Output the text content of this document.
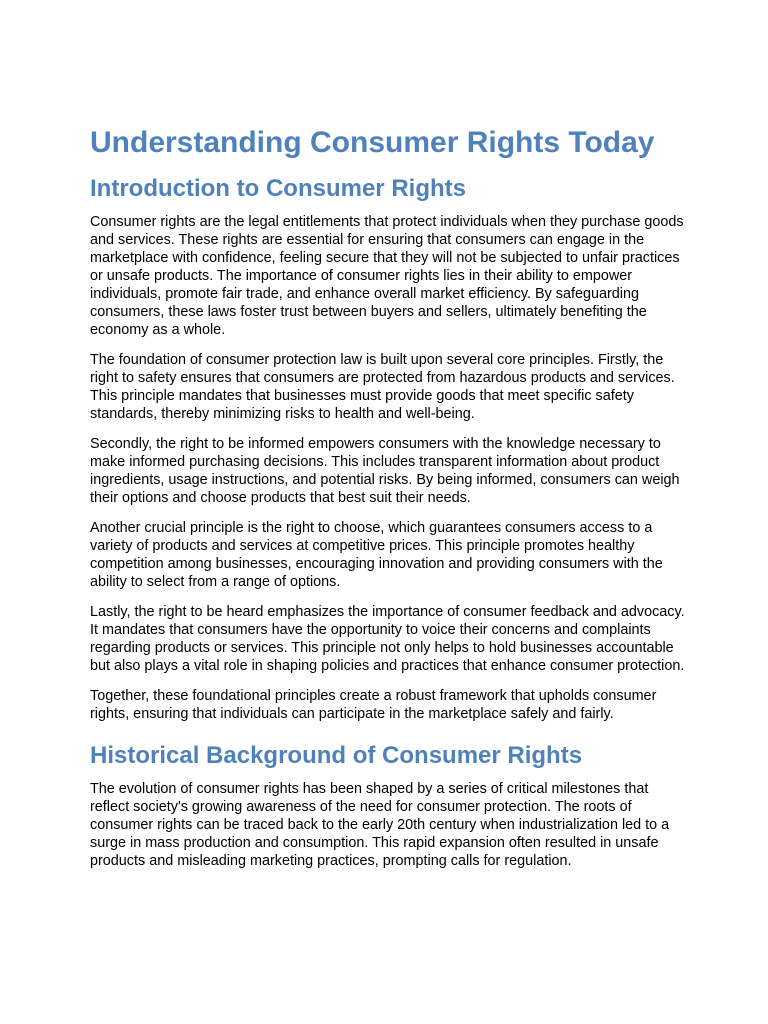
Understanding Consumer Rights Today
Introduction to Consumer Rights

Consumer rights are the legal entitlements that protect individuals when they purchase goods and services. These rights are essential for ensuring that consumers can engage in the marketplace with confidence, feeling secure that they will not be subjected to unfair practices or unsafe products. The importance of consumer rights lies in their ability to empower individuals, promote fair trade, and enhance overall market efficiency. By safeguarding consumers, these laws foster trust between buyers and sellers, ultimately benefiting the economy as a whole.

The foundation of consumer protection law is built upon several core principles. Firstly, the right to safety ensures that consumers are protected from hazardous products and services. This principle mandates that businesses must provide goods that meet specific safety standards, thereby minimizing risks to health and well-being.

Secondly, the right to be informed empowers consumers with the knowledge necessary to make informed purchasing decisions. This includes transparent information about product ingredients, usage instructions, and potential risks. By being informed, consumers can weigh their options and choose products that best suit their needs.

Another crucial principle is the right to choose, which guarantees consumers access to a variety of products and services at competitive prices. This principle promotes healthy competition among businesses, encouraging innovation and providing consumers with the ability to select from a range of options.

Lastly, the right to be heard emphasizes the importance of consumer feedback and advocacy. It mandates that consumers have the opportunity to voice their concerns and complaints regarding products or services. This principle not only helps to hold businesses accountable but also plays a vital role in shaping policies and practices that enhance consumer protection.

Together, these foundational principles create a robust framework that upholds consumer rights, ensuring that individuals can participate in the marketplace safely and fairly.

Historical Background of Consumer Rights

The evolution of consumer rights has been shaped by a series of critical milestones that reflect society's growing awareness of the need for consumer protection. The roots of consumer rights can be traced back to the early 20th century when industrialization led to a surge in mass production and consumption. This rapid expansion often resulted in unsafe products and misleading marketing practices, prompting calls for regulation.
